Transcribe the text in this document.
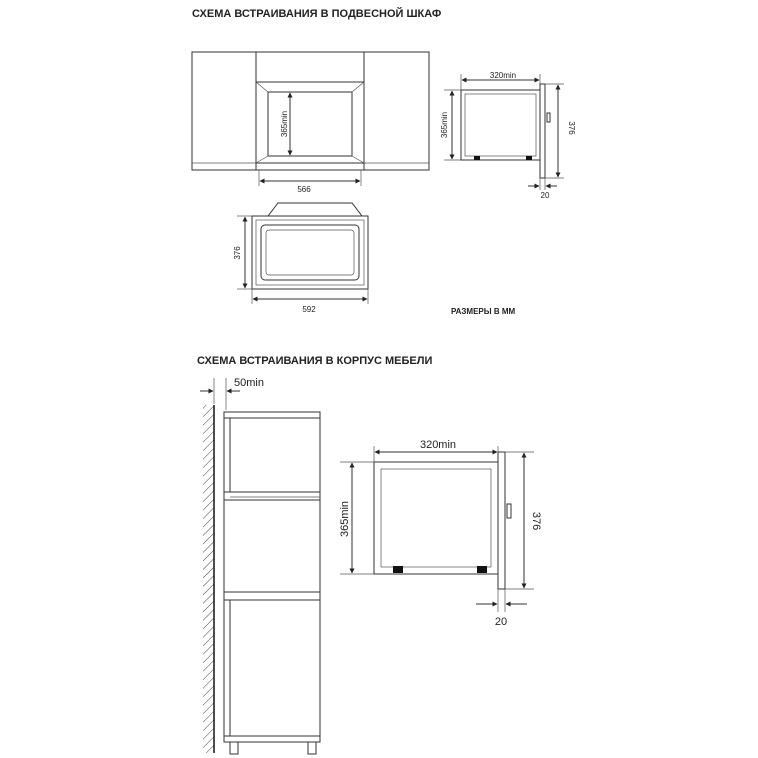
СХЕМА ВСТРАИВАНИЯ В ПОДВЕСНОЙ ШКАФ
365min
566
320min
365min	376
20
376
592	РАЗМЕРЫ В ММ
СХЕМА ВСТРАИВАНИЯ В КОРПУС МЕБЕЛИ
50min
320min
365min	376
20
